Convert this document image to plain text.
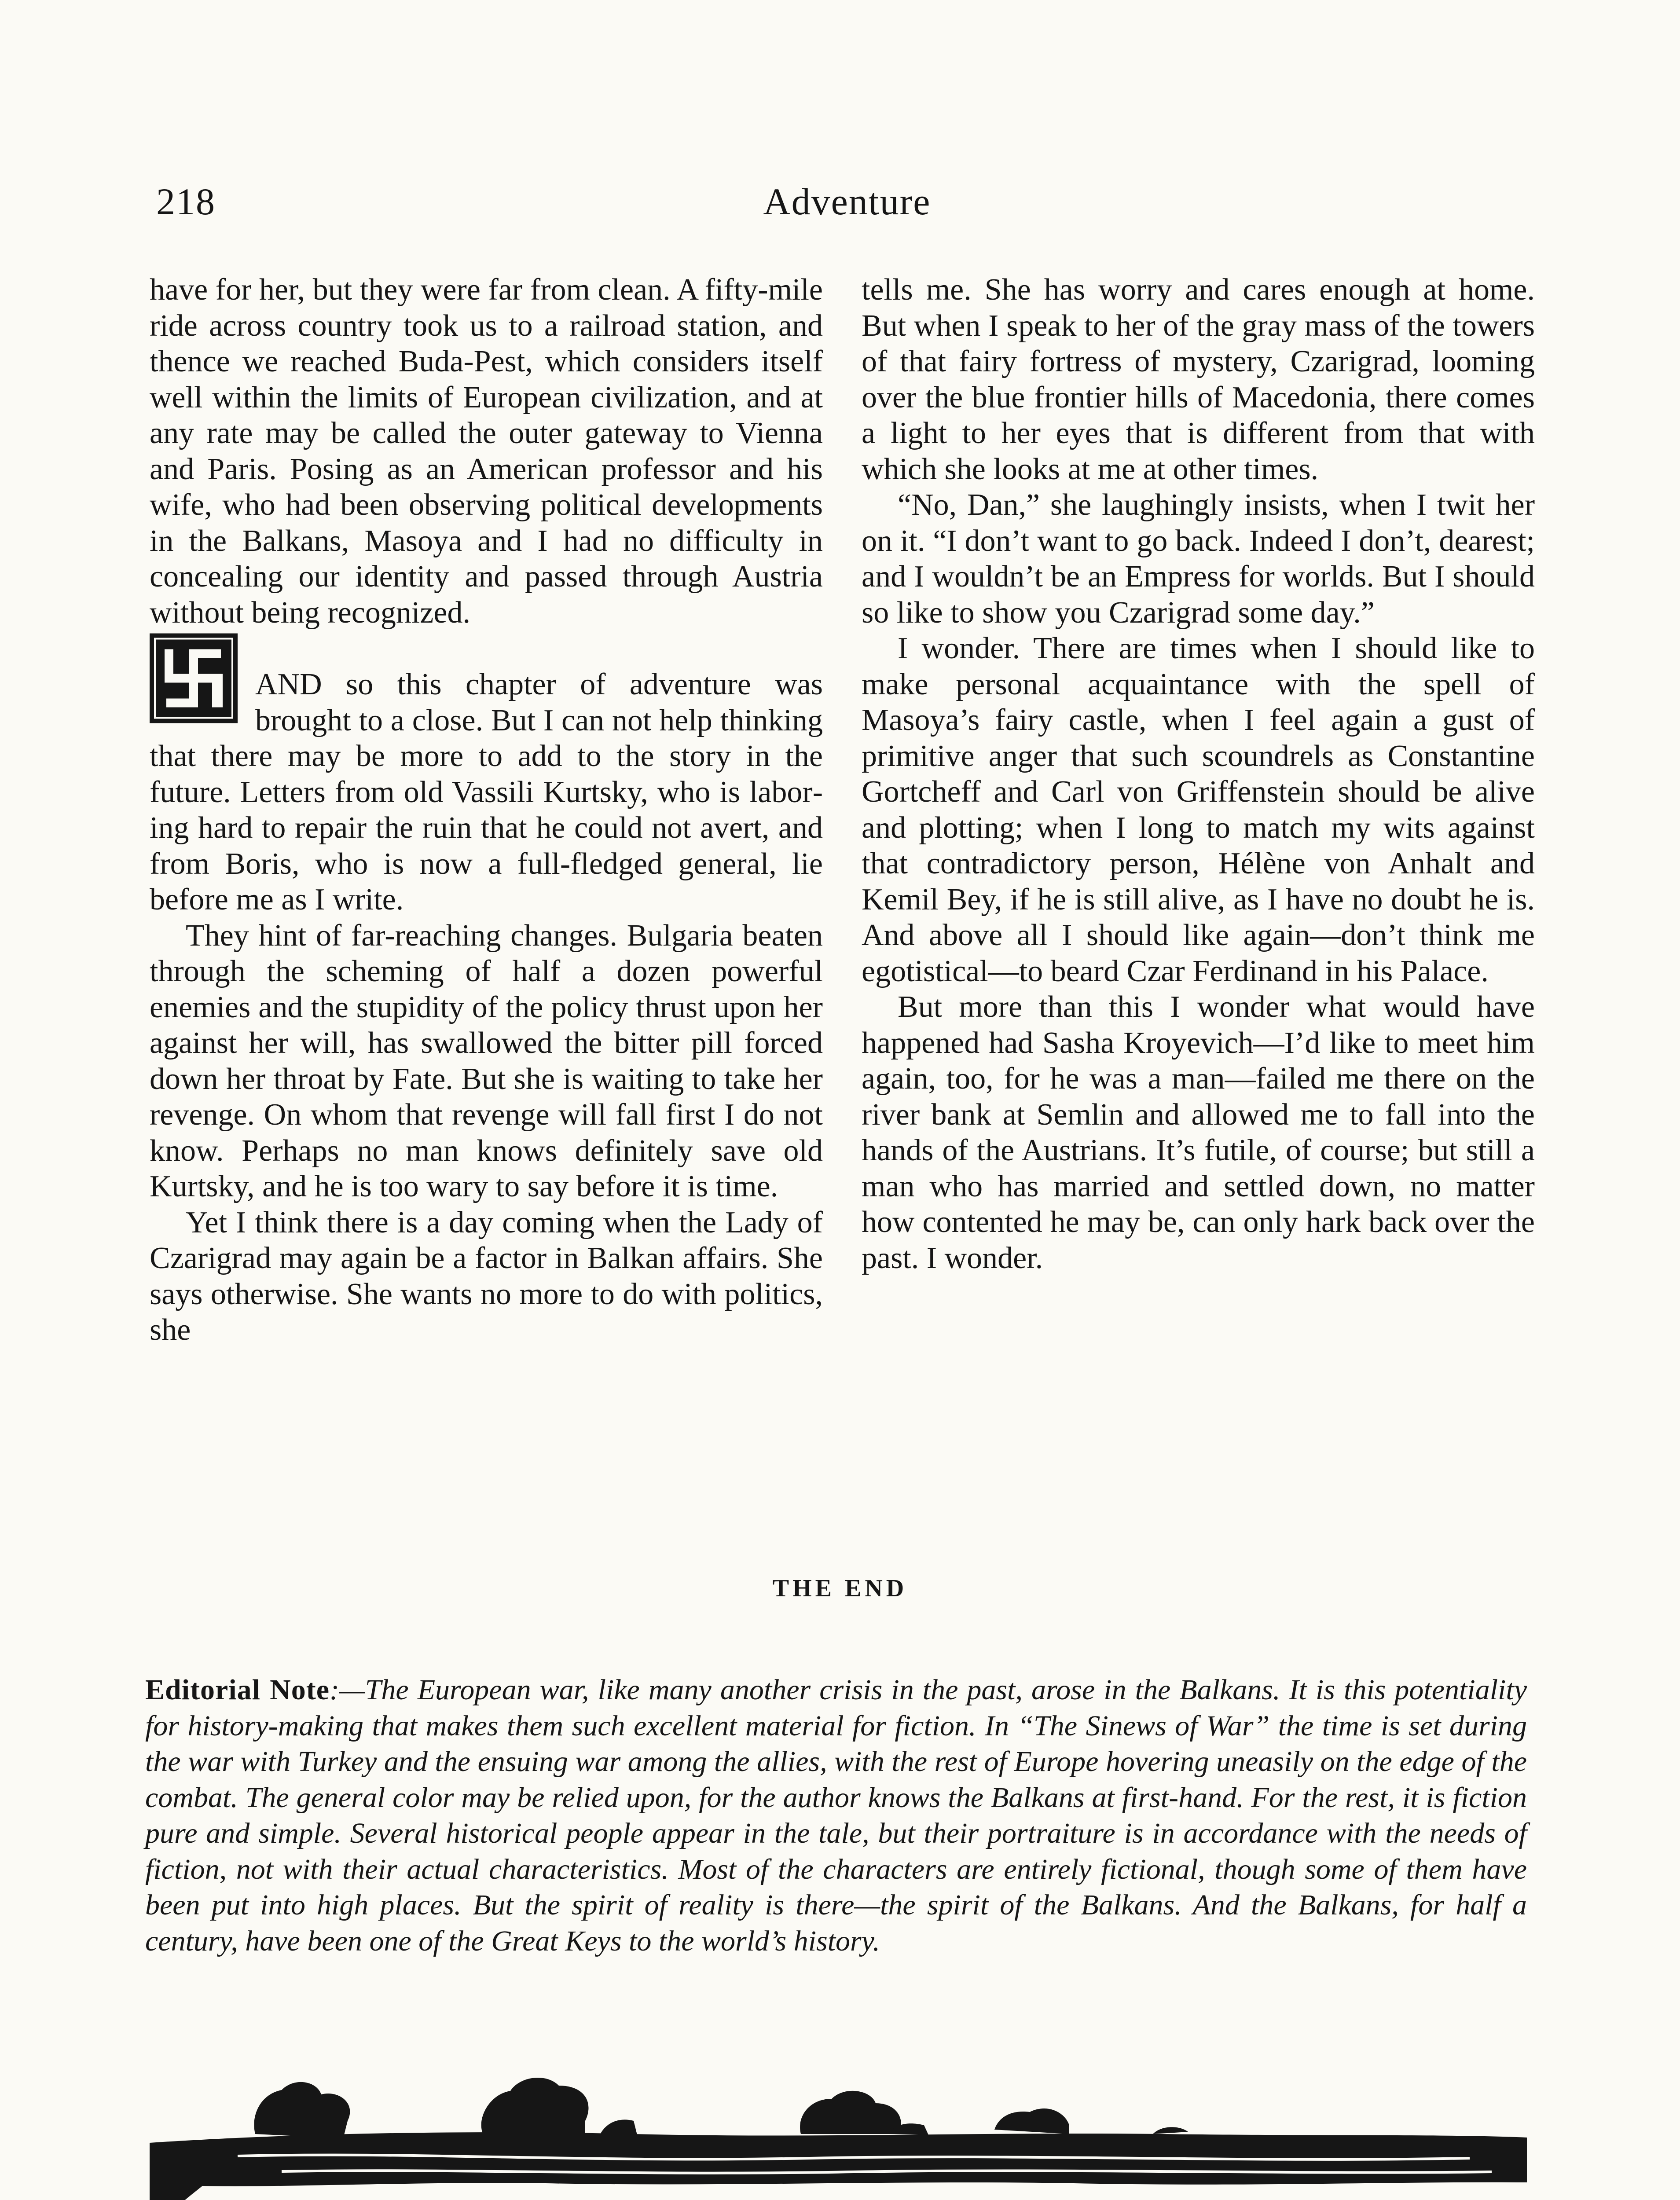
218	Adventure

have for her, but they were far from clean. A fifty-mile ride across country took us to a railroad station, and thence we reached Buda-Pest, which considers itself well within the limits of European civilization, and at any rate may be called the outer gateway to Vienna and Paris. Posing as an American professor and his wife, who had been observing political developments in the Balkans, Masoya and I had no difficulty in concealing our identity and passed through Austria without being recognized.

AND so this chapter of adventure was brought to a close. But I can not help thinking that there may be more to add to the story in the future. Letters from old Vassili Kurtsky, who is laboring hard to repair the ruin that he could not avert, and from Boris, who is now a full-fledged general, lie before me as I write.

They hint of far-reaching changes. Bulgaria beaten through the scheming of half a dozen powerful enemies and the stupidity of the policy thrust upon her against her will, has swallowed the bitter pill forced down her throat by Fate. But she is waiting to take her revenge. On whom that revenge will fall first I do not know. Perhaps no man knows definitely save old Kurtsky, and he is too wary to say before it is time.

Yet I think there is a day coming when the Lady of Czarigrad may again be a factor in Balkan affairs. She says otherwise. She wants no more to do with politics, she

tells me. She has worry and cares enough at home. But when I speak to her of the gray mass of the towers of that fairy fortress of mystery, Czarigrad, looming over the blue frontier hills of Macedonia, there comes a light to her eyes that is different from that with which she looks at me at other times.

“No, Dan,” she laughingly insists, when I twit her on it. “I don’t want to go back. Indeed I don’t, dearest; and I wouldn’t be an Empress for worlds. But I should so like to show you Czarigrad some day.”

I wonder. There are times when I should like to make personal acquaintance with the spell of Masoya’s fairy castle, when I feel again a gust of primitive anger that such scoundrels as Constantine Gortcheff and Carl von Griffenstein should be alive and plotting; when I long to match my wits against that contradictory person, Hélène von Anhalt and Kemil Bey, if he is still alive, as I have no doubt he is. And above all I should like again—don’t think me egotistical—to beard Czar Ferdinand in his Palace.

But more than this I wonder what would have happened had Sasha Kroyevich—I’d like to meet him again, too, for he was a man—failed me there on the river bank at Semlin and allowed me to fall into the hands of the Austrians. It’s futile, of course; but still a man who has married and settled down, no matter how contented he may be, can only hark back over the past. I wonder.

THE END
Editorial Note:—The European war, like many another crisis in the past, arose in the Balkans. It is this potentiality for history-making that makes them such excellent material for fiction. In “The Sinews of War” the time is set during the war with Turkey and the ensuing war among the allies, with the rest of Europe hovering uneasily on the edge of the combat. The general color may be relied upon, for the author knows the Balkans at first-hand. For the rest, it is fiction pure and simple. Several historical people appear in the tale, but their portraiture is in accordance with the needs of fiction, not with their actual characteristics. Most of the characters are entirely fictional, though some of them have been put into high places. But the spirit of reality is there—the spirit of the Balkans. And the Balkans, for half a century, have been one of the Great Keys to the world’s history.
